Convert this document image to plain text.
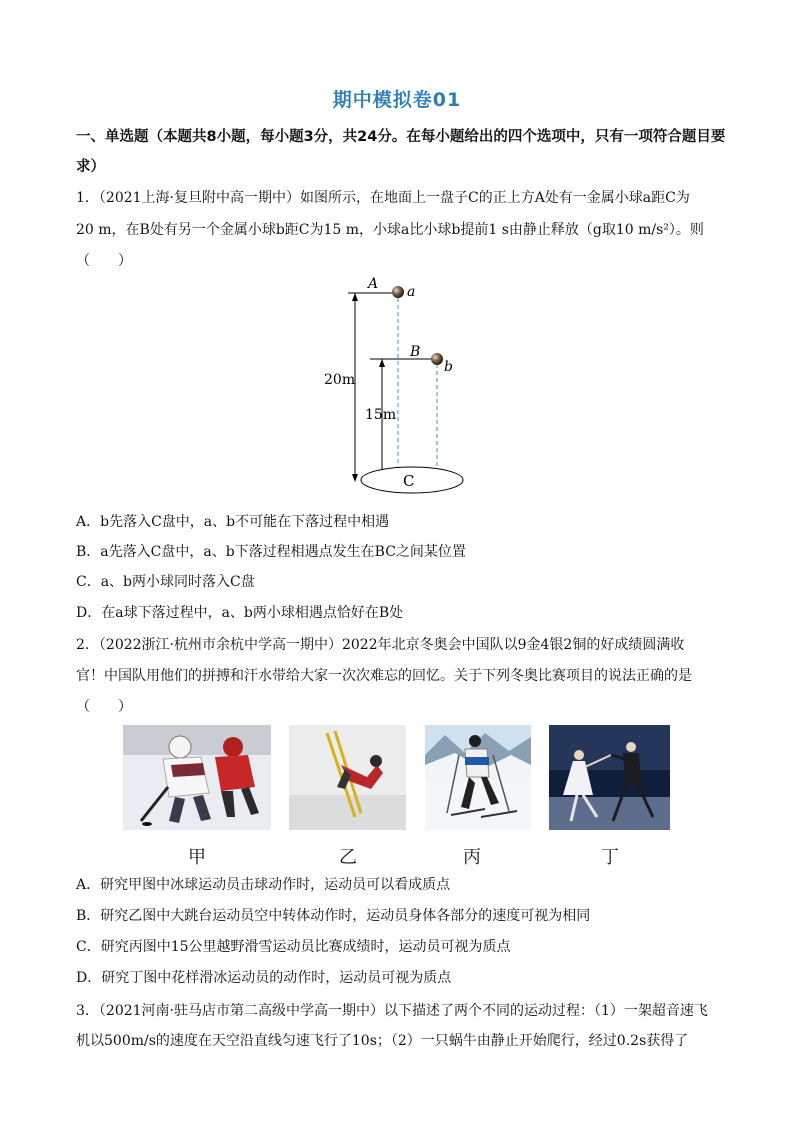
期中模拟卷01
一、单选题（本题共8小题，每小题3分，共24分。在每小题给出的四个选项中，只有一项符合题目要
求）
1．（2021上海·复旦附中高一期中）如图所示，在地面上一盘子C的正上方A处有一金属小球a距C为
20 m，在B处有另一个金属小球b距C为15 m，小球a比小球b提前1 s由静止释放（g取10 m/s²）。则
（　　）
A a
B
b
20m
15m
C
A．b先落入C盘中，a、b不可能在下落过程中相遇
B．a先落入C盘中，a、b下落过程相遇点发生在BC之间某位置
C．a、b两小球同时落入C盘
D．在a球下落过程中，a、b两小球相遇点恰好在B处
2．（2022浙江·杭州市余杭中学高一期中）2022年北京冬奥会中国队以9金4银2铜的好成绩圆满收
官！中国队用他们的拼搏和汗水带给大家一次次难忘的回忆。关于下列冬奥比赛项目的说法正确的是
（　　）
甲	乙	丙	丁
A．研究甲图中冰球运动员击球动作时，运动员可以看成质点
B．研究乙图中大跳台运动员空中转体动作时，运动员身体各部分的速度可视为相同
C．研究丙图中15公里越野滑雪运动员比赛成绩时，运动员可视为质点
D．研究丁图中花样滑冰运动员的动作时，运动员可视为质点
3．（2021河南·驻马店市第二高级中学高一期中）以下描述了两个不同的运动过程：（1）一架超音速飞
机以500m/s的速度在天空沿直线匀速飞行了10s；（2）一只蜗牛由静止开始爬行，经过0.2s获得了
